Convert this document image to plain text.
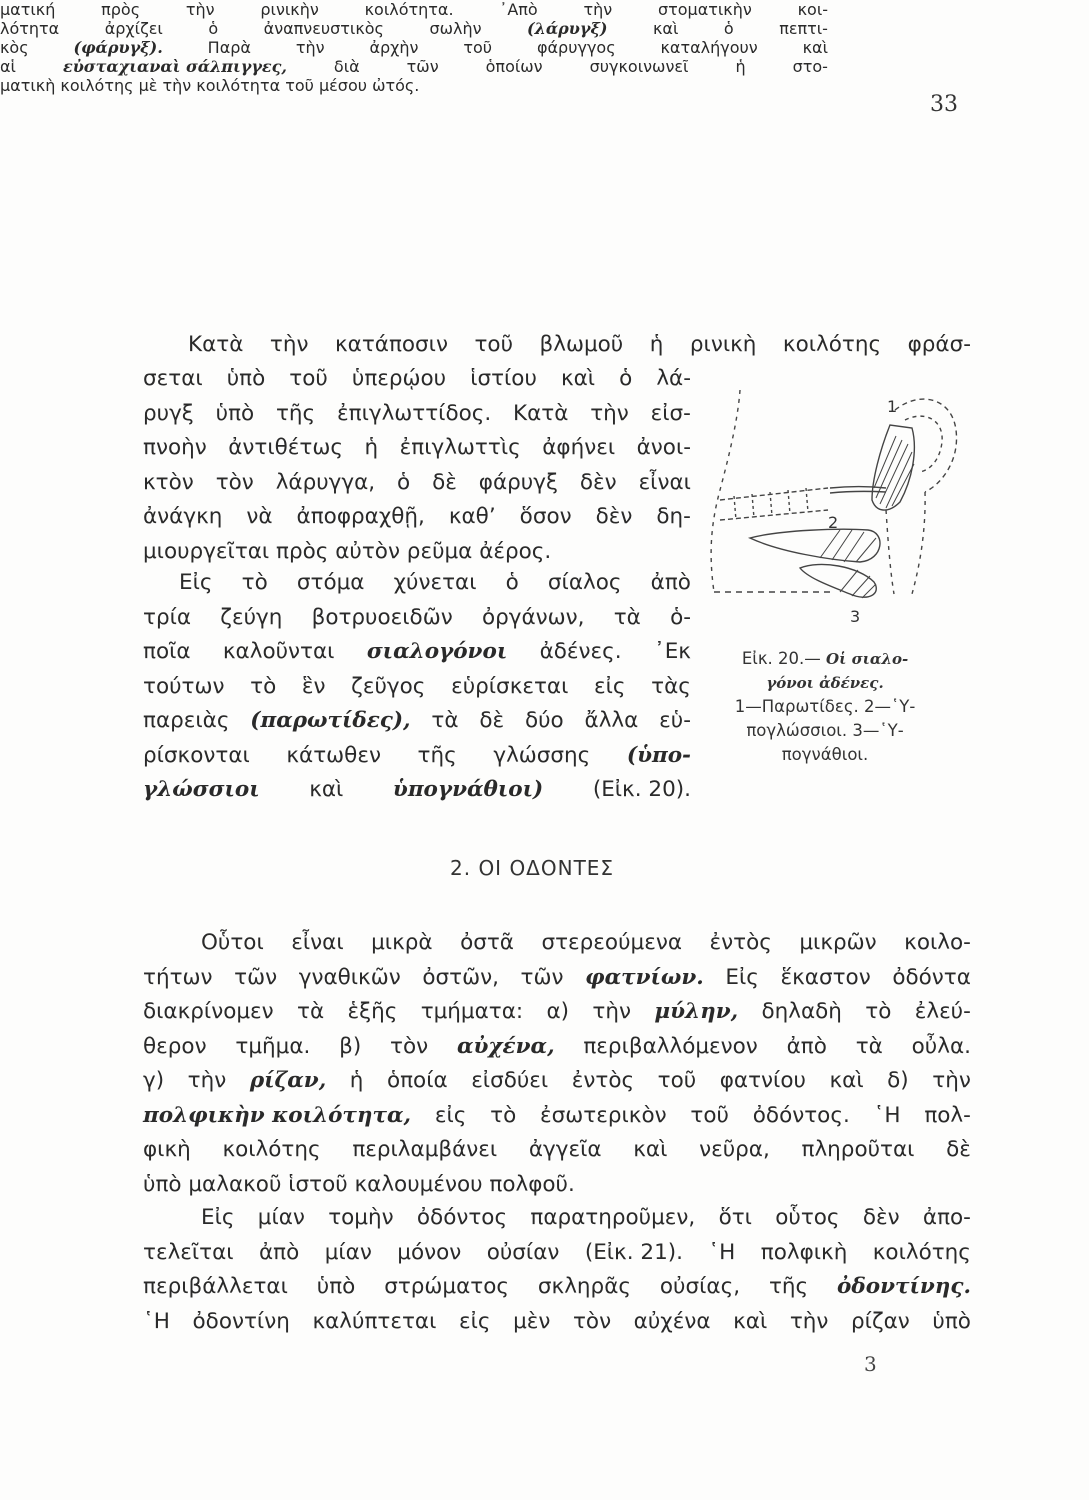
33
ματική	πρὸς	τὴν	ρινικὴν	κοιλότητα.	᾿Απὸ	τὴν	στοματικὴν	κοι-
λότητα	ἀρχίζει	ὁ	ἀναπνευστικὸς	σωλὴν	(λάρυγξ)	καὶ	ὁ	πεπτι-
κὸς	(φάρυγξ).	Παρὰ	τὴν	ἀρχὴν	τοῦ	φάρυγγος	καταλήγουν	καὶ
αἱ	εὐσταχιαναὶ σάλπιγγες,	διὰ	τῶν	ὁποίων	συγκοινωνεῖ	ἡ	στο-
ματικὴ κοιλότης μὲ τὴν κοιλότητα τοῦ μέσου ὠτός.
Κατὰ τὴν κατάποσιν τοῦ βλωμοῦ ἡ ρινικὴ κοιλότης φράσ-
σεται ὑπὸ τοῦ ὑπερῴου ἱστίου καὶ ὁ λά-
ρυγξ ὑπὸ τῆς ἐπιγλωττίδος. Κατὰ τὴν εἰσ-
πνοὴν ἀντιθέτως ἡ ἐπιγλωττὶς ἀφήνει ἀνοι-
κτὸν τὸν λάρυγγα, ὁ δὲ φάρυγξ δὲν εἶναι
ἀνάγκη νὰ ἀποφραχθῇ, καθ’ ὅσον δὲν δη-
μιουργεῖται πρὸς αὐτὸν ρεῦμα ἀέρος.
Εἰς τὸ στόμα χύνεται ὁ σίαλος ἀπὸ
τρία ζεύγη βοτρυοειδῶν ὀργάνων, τὰ ὁ-
ποῖα καλοῦνται σιαλογόνοι ἀδένες. ᾿Εκ
τούτων τὸ ἓν ζεῦγος εὑρίσκεται εἰς τὰς
παρειὰς (παρωτίδες), τὰ δὲ δύο ἄλλα εὑ-
ρίσκονται κάτωθεν τῆς γλώσσης (ὑπο-
γλώσσιοι καὶ ὑπογνάθιοι) (Εἰκ. 20).
1
2
3
Εἰκ. 20.— Οἱ σιαλο-
γόνοι ἀδένες.
1—Παρωτίδες. 2—῾Υ-
πογλώσσιοι. 3—῾Υ-
πογνάθιοι.
2. ΟΙ ΟΔΟΝΤΕΣ
Οὗτοι εἶναι μικρὰ ὀστᾶ στερεούμενα ἐντὸς μικρῶν κοιλο-
τήτων τῶν γναθικῶν ὀστῶν, τῶν φατνίων. Εἰς ἕκαστον ὀδόντα
διακρίνομεν τὰ ἑξῆς τμήματα: α) τὴν μύλην, δηλαδὴ τὸ ἐλεύ-
θερον τμῆμα. β) τὸν αὐχένα, περιβαλλόμενον ἀπὸ τὰ οὖλα.
γ) τὴν ρίζαν, ἡ ὁποία εἰσδύει ἐντὸς τοῦ φατνίου καὶ δ) τὴν
πολφικὴν κοιλότητα, εἰς τὸ ἐσωτερικὸν τοῦ ὀδόντος. ῾Η πολ-
φικὴ κοιλότης περιλαμβάνει ἀγγεῖα καὶ νεῦρα, πληροῦται δὲ
ὑπὸ μαλακοῦ ἱστοῦ καλουμένου πολφοῦ.
Εἰς μίαν τομὴν ὀδόντος παρατηροῦμεν, ὅτι οὗτος δὲν ἀπο-
τελεῖται ἀπὸ μίαν μόνον οὐσίαν (Εἰκ. 21). ῾Η πολφικὴ κοιλότης
περιβάλλεται ὑπὸ στρώματος σκληρᾶς οὐσίας, τῆς ὀδοντίνης.
῾Η ὀδοντίνη καλύπτεται εἰς μὲν τὸν αὐχένα καὶ τὴν ρίζαν ὑπὸ
3
